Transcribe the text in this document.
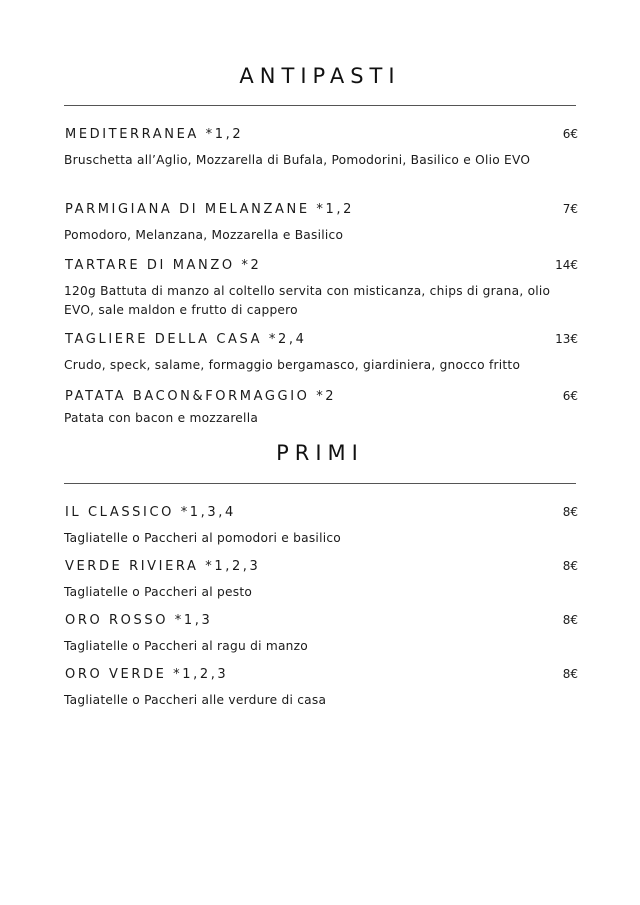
ANTIPASTI
MEDITERRANEA *1,2	6€
Bruschetta all’Aglio, Mozzarella di Bufala, Pomodorini, Basilico e Olio EVO
PARMIGIANA DI MELANZANE *1,2	7€
Pomodoro, Melanzana, Mozzarella e Basilico
TARTARE DI MANZO *2	14€
120g Battuta di manzo al coltello servita con misticanza, chips di grana, olio EVO, sale maldon e frutto di cappero
TAGLIERE DELLA CASA *2,4	13€
Crudo, speck, salame, formaggio bergamasco, giardiniera, gnocco fritto
PATATA BACON&FORMAGGIO *2	6€
Patata con bacon e mozzarella
PRIMI
IL CLASSICO *1,3,4	8€
Tagliatelle o Paccheri al pomodori e basilico
VERDE RIVIERA *1,2,3	8€
Tagliatelle o Paccheri al pesto
ORO ROSSO *1,3	8€
Tagliatelle o Paccheri al ragu di manzo
ORO VERDE *1,2,3	8€
Tagliatelle o Paccheri alle verdure di casa
